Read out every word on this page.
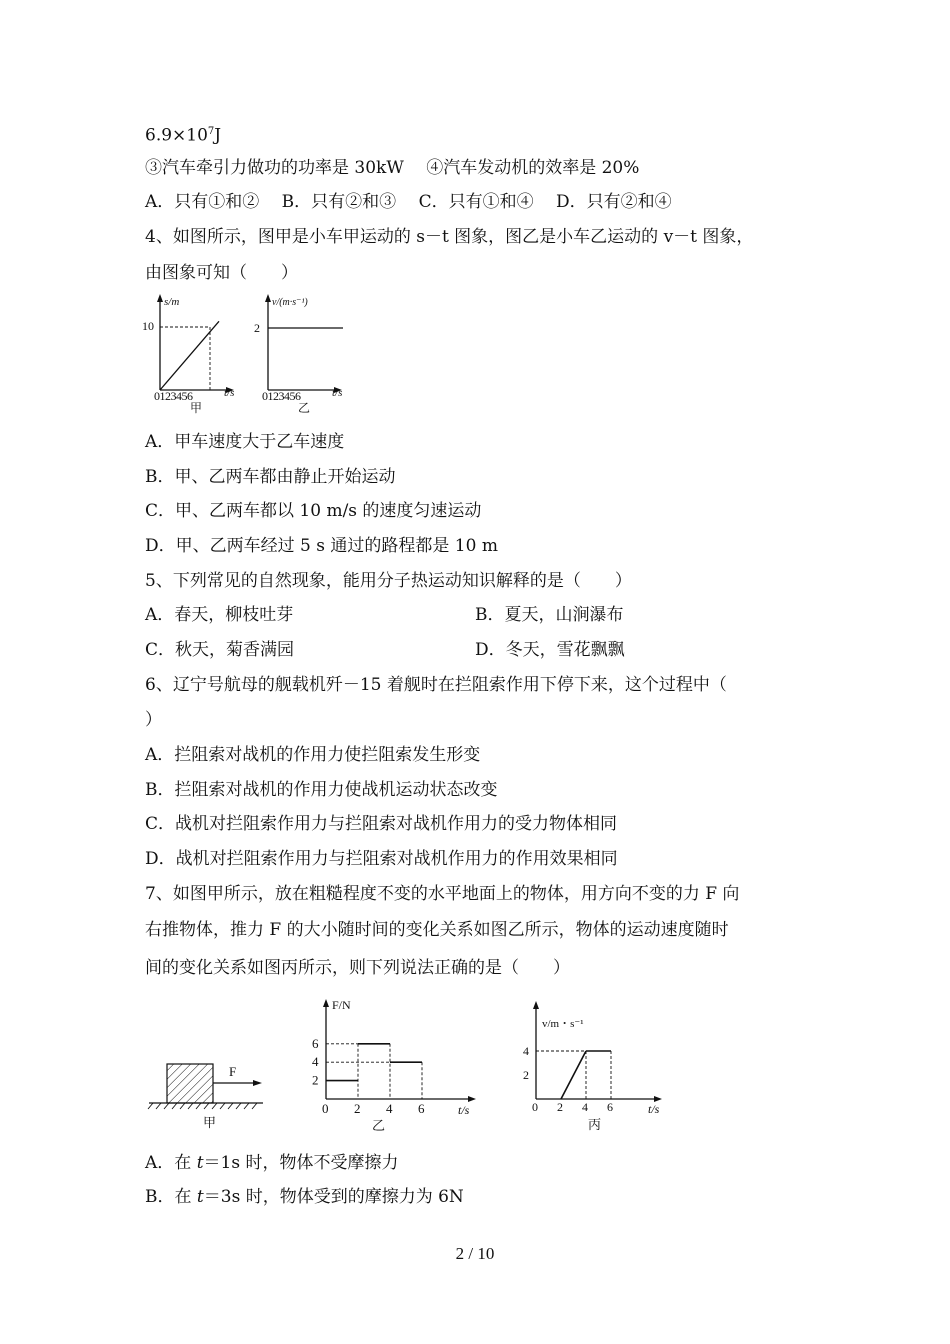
$6.9\times 10^7J$
③汽车牵引力做功的功率是 30kW　 ④汽车发动机的效率是 20%
A．只有①和②　 B．只有②和③　 C．只有①和④　 D．只有②和④
4、如图所示，图甲是小车甲运动的 s－t 图象，图乙是小车乙运动的 v－t 图象，
由图象可知（　　）
s/m
10
0123456	t/s
甲
v/(m·s⁻¹)
2
0123456	t/s
乙
A．甲车速度大于乙车速度
B．甲、乙两车都由静止开始运动
C．甲、乙两车都以 10 m/s 的速度匀速运动
D．甲、乙两车经过 5 s 通过的路程都是 10 m
5、下列常见的自然现象，能用分子热运动知识解释的是（　　）
A．春天，柳枝吐芽	B．夏天，山涧瀑布
C．秋天，菊香满园	D．冬天，雪花飘飘
6、辽宁号航母的舰载机歼－15 着舰时在拦阻索作用下停下来，这个过程中（
）
A．拦阻索对战机的作用力使拦阻索发生形变
B．拦阻索对战机的作用力使战机运动状态改变
C．战机对拦阻索作用力与拦阻索对战机作用力的受力物体相同
D．战机对拦阻索作用力与拦阻索对战机作用力的作用效果相同
7、如图甲所示，放在粗糙程度不变的水平地面上的物体，用方向不变的力 F 向
右推物体，推力 F 的大小随时间的变化关系如图乙所示，物体的运动速度随时
间的变化关系如图丙所示，则下列说法正确的是（　　）
F
甲
F/N
6
4
2
0 2 4 6	t/s
乙
v/m・s⁻¹
4
2
0 2 4 6	t/s
丙
A．在 t＝1s 时，物体不受摩擦力
B．在 t＝3s 时，物体受到的摩擦力为 6N
2 / 10
